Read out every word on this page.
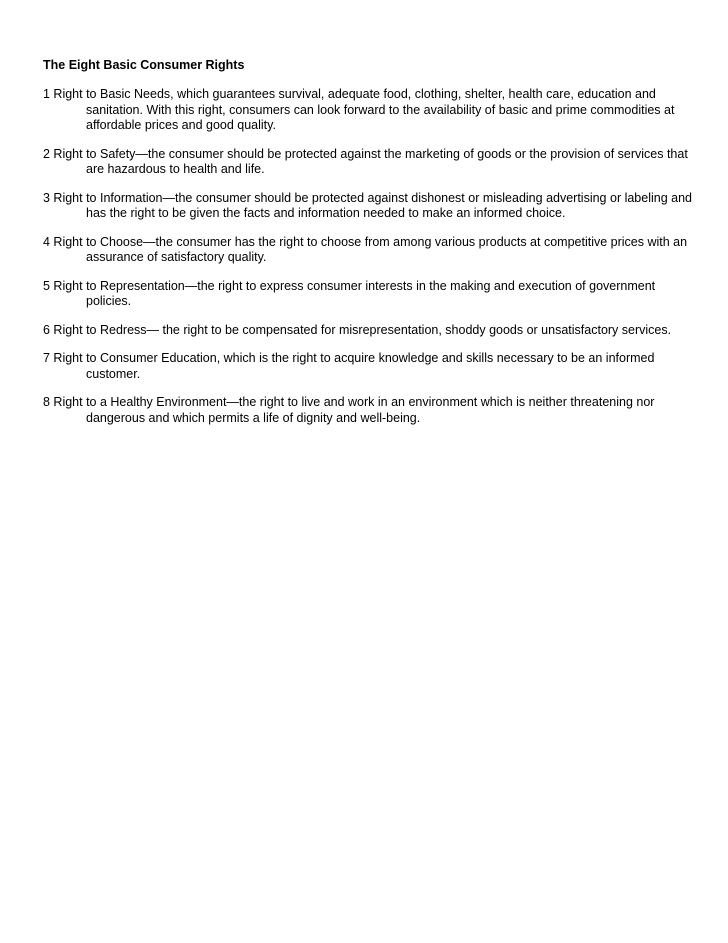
The Eight Basic Consumer Rights
1 Right to Basic Needs, which guarantees survival, adequate food, clothing, shelter, health care, education and sanitation. With this right, consumers can look forward to the availability of basic and prime commodities at affordable prices and good quality.
2 Right to Safety—the consumer should be protected against the marketing of goods or the provision of services that are hazardous to health and life.
3 Right to Information—the consumer should be protected against dishonest or misleading advertising or labeling and has the right to be given the facts and information needed to make an informed choice.
4 Right to Choose—the consumer has the right to choose from among various products at competitive prices with an assurance of satisfactory quality.
5 Right to Representation—the right to express consumer interests in the making and execution of government policies.
6 Right to Redress— the right to be compensated for misrepresentation, shoddy goods or unsatisfactory services.
7 Right to Consumer Education, which is the right to acquire knowledge and skills necessary to be an informed customer.
8 Right to a Healthy Environment—the right to live and work in an environment which is neither threatening nor dangerous and which permits a life of dignity and well-being.
